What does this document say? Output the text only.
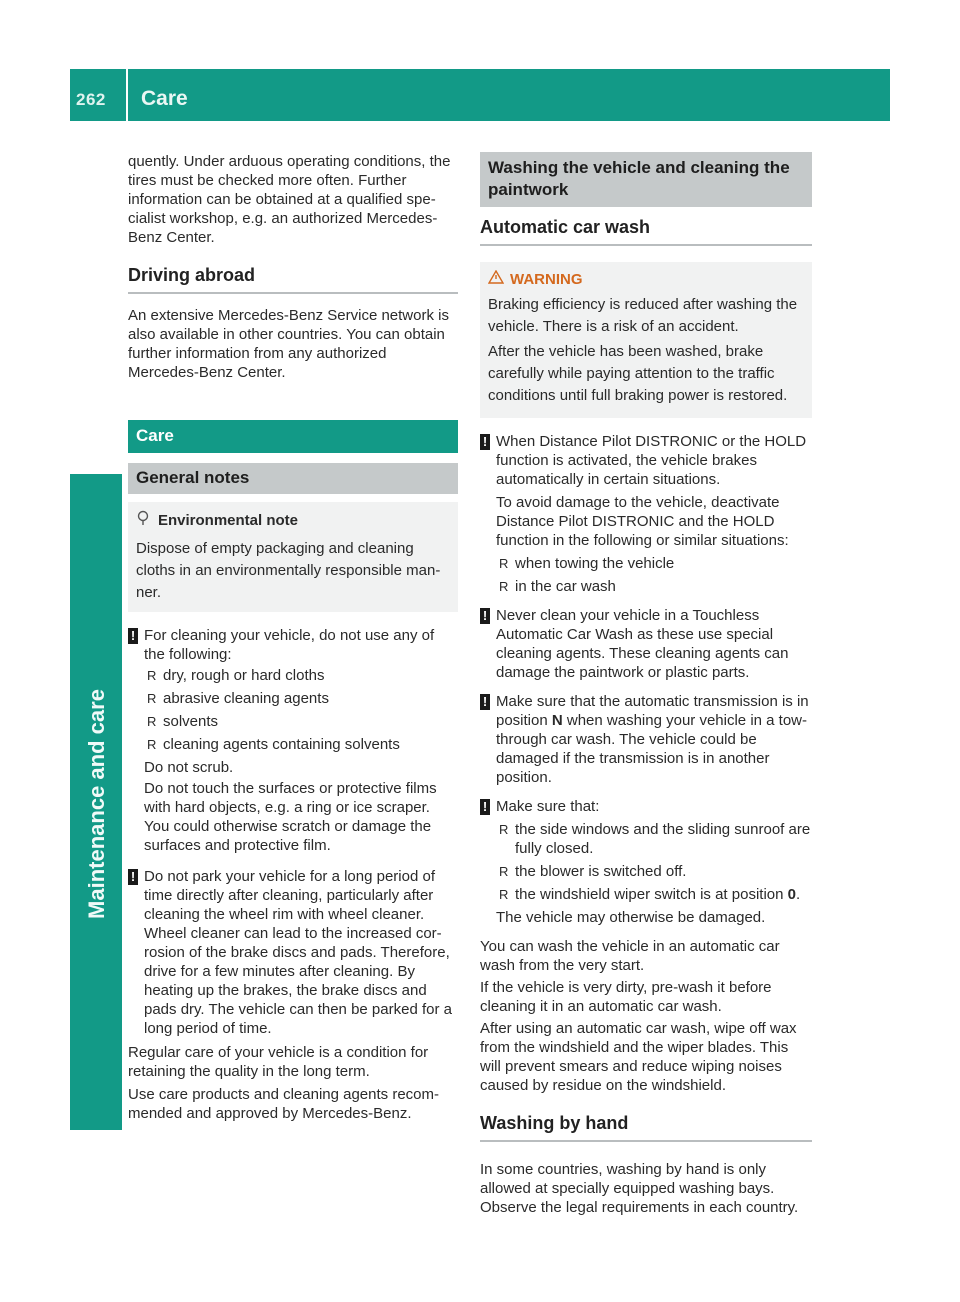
262 Care
Maintenance and care

quently. Under arduous operating conditions, the tires must be checked more often. Further information can be obtained at a qualified spe- cialist workshop, e.g. an authorized Mercedes- Benz Center.

Driving abroad

An extensive Mercedes-Benz Service network is also available in other countries. You can obtain further information from any authorized Mercedes-Benz Center.

Care
General notes
Environmental note

Dispose of empty packaging and cleaning cloths in an environmentally responsible man- ner.

! For cleaning your vehicle, do not use any of the following:

R dry, rough or hard cloths
R abrasive cleaning agents
R solvents
R cleaning agents containing solvents

Do not scrub.

Do not touch the surfaces or protective films with hard objects, e.g. a ring or ice scraper. You could otherwise scratch or damage the surfaces and protective film.

! Do not park your vehicle for a long period of time directly after cleaning, particularly after cleaning the wheel rim with wheel cleaner. Wheel cleaner can lead to the increased cor- rosion of the brake discs and pads. Therefore, drive for a few minutes after cleaning. By heating up the brakes, the brake discs and pads dry. The vehicle can then be parked for a long period of time.

Regular care of your vehicle is a condition for retaining the quality in the long term.

Use care products and cleaning agents recom- mended and approved by Mercedes-Benz.

Washing the vehicle and cleaning the paintwork
Automatic car wash
WARNING

Braking efficiency is reduced after washing the vehicle. There is a risk of an accident.

After the vehicle has been washed, brake carefully while paying attention to the traffic conditions until full braking power is restored.

! When Distance Pilot DISTRONIC or the HOLD function is activated, the vehicle brakes automatically in certain situations.

To avoid damage to the vehicle, deactivate Distance Pilot DISTRONIC and the HOLD function in the following or similar situations:

R when towing the vehicle
R in the car wash
! Never clean your vehicle in a Touchless Automatic Car Wash as these use special cleaning agents. These cleaning agents can damage the paintwork or plastic parts.

! Make sure that the automatic transmission is in position N when washing your vehicle in a tow-through car wash. The vehicle could be damaged if the transmission is in another position.

! Make sure that:

R the side windows and the sliding sunroof are fully closed.
R the blower is switched off.
R the windshield wiper switch is at position 0.

The vehicle may otherwise be damaged.

You can wash the vehicle in an automatic car wash from the very start.

If the vehicle is very dirty, pre-wash it before cleaning it in an automatic car wash.

After using an automatic car wash, wipe off wax from the windshield and the wiper blades. This will prevent smears and reduce wiping noises caused by residue on the windshield.

Washing by hand

In some countries, washing by hand is only allowed at specially equipped washing bays. Observe the legal requirements in each country.
